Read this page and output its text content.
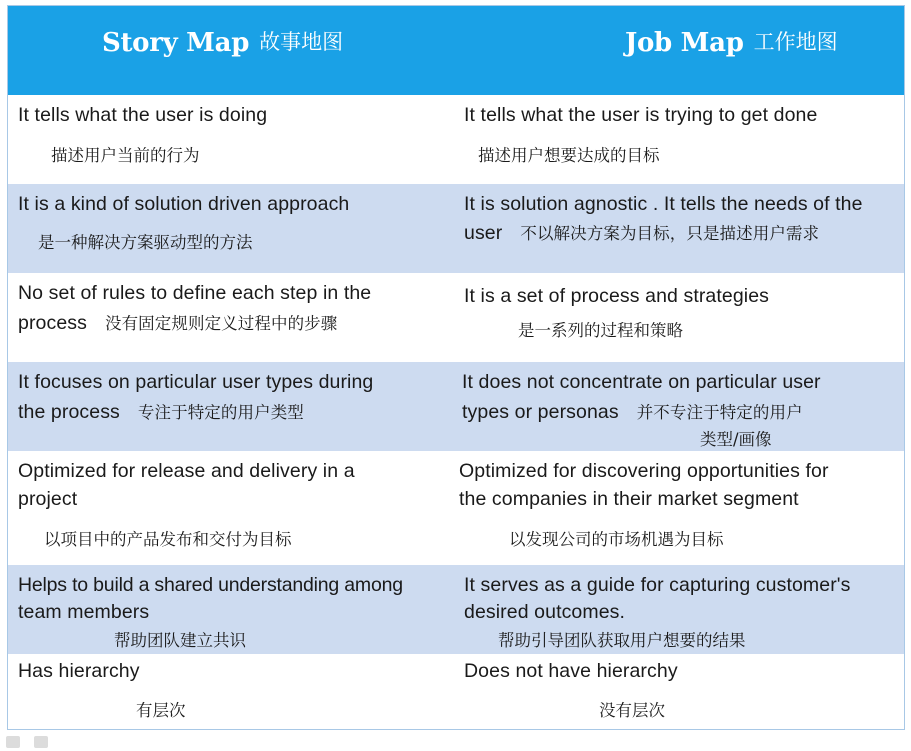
Story Map 故事地图	Job Map 工作地图
It tells what the user is doing
描述用户当前的行为
It tells what the user is trying to get done
描述用户想要达成的目标
It is a kind of solution driven approach
是一种解决方案驱动型的方法
It is solution agnostic . It tells the needs of the
user 不以解决方案为目标，只是描述用户需求
No set of rules to define each step in the
process 没有固定规则定义过程中的步骤
It is a set of process and strategies
是一系列的过程和策略
It focuses on particular user types during
the process 专注于特定的用户类型
It does not concentrate on particular user
types or personas 并不专注于特定的用户
类型/画像
Optimized for release and delivery in a
project
以项目中的产品发布和交付为目标
Optimized for discovering opportunities for
the companies in their market segment
以发现公司的市场机遇为目标
Helps to build a shared understanding among
team members
帮助团队建立共识
It serves as a guide for capturing customer's
desired outcomes.
帮助引导团队获取用户想要的结果
Has hierarchy
有层次
Does not have hierarchy
没有层次
